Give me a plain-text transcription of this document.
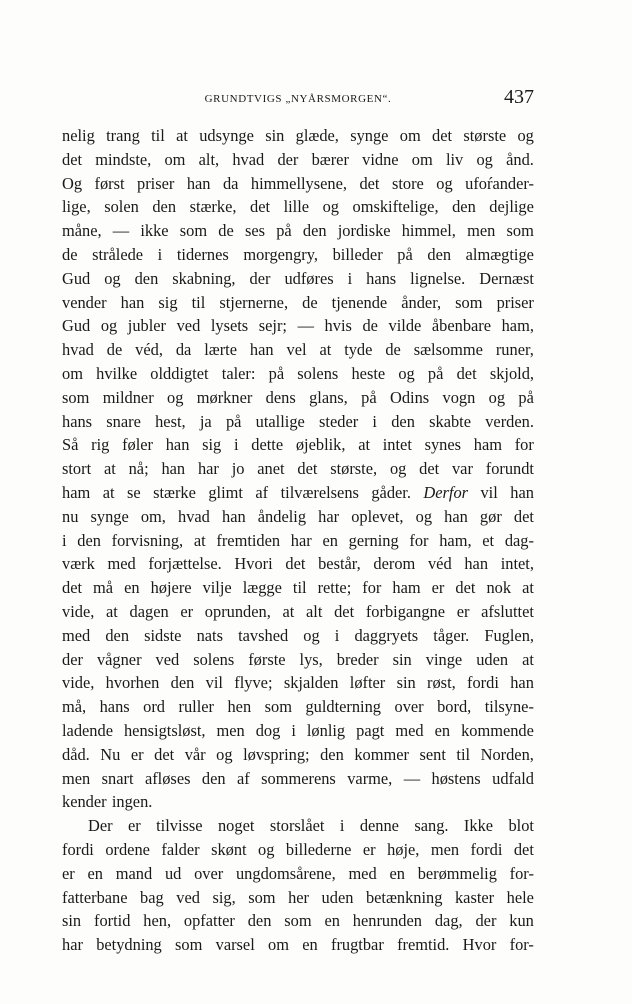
GRUNDTVIGS „NYÅRSMORGEN“.	437
nelig trang til at udsynge sin glæde, synge om det største og
det mindste, om alt, hvad der bærer vidne om liv og ånd.
Og først priser han da himmellysene, det store og ufoŕander-
lige, solen den stærke, det lille og omskiftelige, den dejlige
måne, — ikke som de ses på den jordiske himmel, men som
de strålede i tidernes morgengry, billeder på den almægtige
Gud og den skabning, der udføres i hans lignelse. Dernæst
vender han sig til stjernerne, de tjenende ånder, som priser
Gud og jubler ved lysets sejr; — hvis de vilde åbenbare ham,
hvad de véd, da lærte han vel at tyde de sælsomme runer,
om hvilke olddigtet taler: på solens heste og på det skjold,
som mildner og mørkner dens glans, på Odins vogn og på
hans snare hest, ja på utallige steder i den skabte verden.
Så rig føler han sig i dette øjeblik, at intet synes ham for
stort at nå; han har jo anet det største, og det var forundt
ham at se stærke glimt af tilværelsens gåder. Derfor vil han
nu synge om, hvad han åndelig har oplevet, og han gør det
i den forvisning, at fremtiden har en gerning for ham, et dag-
værk med forjættelse. Hvori det består, derom véd han intet,
det må en højere vilje lægge til rette; for ham er det nok at
vide, at dagen er oprunden, at alt det forbigangne er afsluttet
med den sidste nats tavshed og i daggryets tåger. Fuglen,
der vågner ved solens første lys, breder sin vinge uden at
vide, hvorhen den vil flyve; skjalden løfter sin røst, fordi han
må, hans ord ruller hen som guldterning over bord, tilsyne-
ladende hensigtsløst, men dog i lønlig pagt med en kommende
dåd. Nu er det vår og løvspring; den kommer sent til Norden,
men snart afløses den af sommerens varme, — høstens udfald
kender ingen.
Der er tilvisse noget storslået i denne sang. Ikke blot
fordi ordene falder skønt og billederne er høje, men fordi det
er en mand ud over ungdomsårene, med en berømmelig for-
fatterbane bag ved sig, som her uden betænkning kaster hele
sin fortid hen, opfatter den som en henrunden dag, der kun
har betydning som varsel om en frugtbar fremtid. Hvor for-
